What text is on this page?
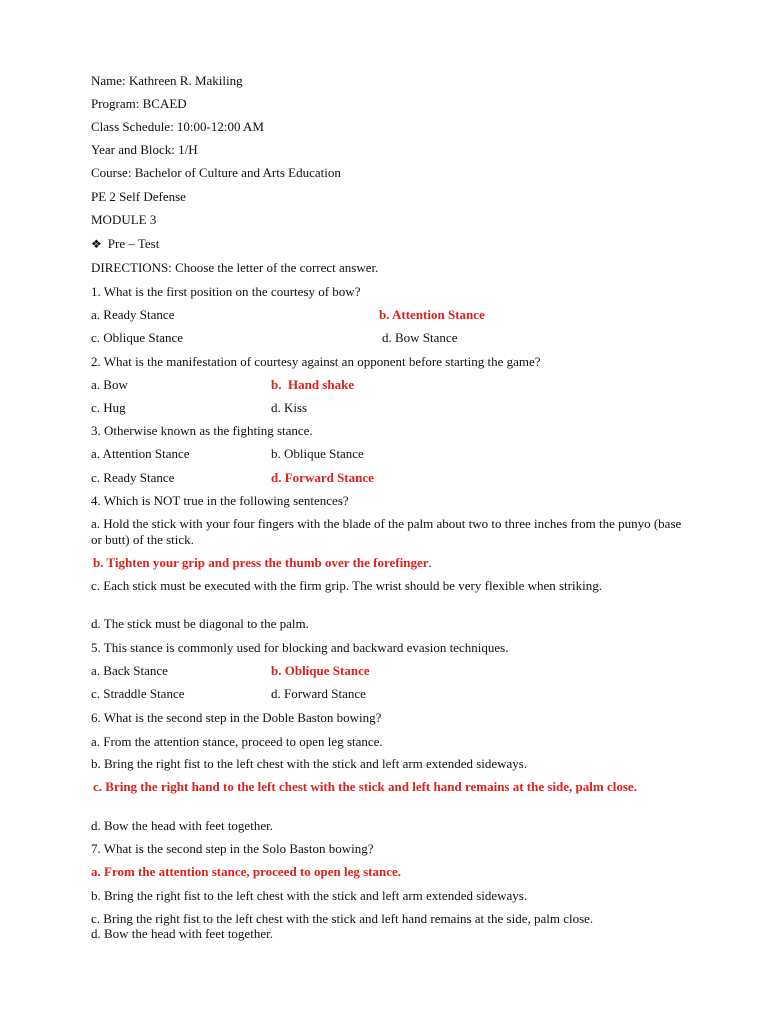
Name: Kathreen R. Makiling
Program: BCAED
Class Schedule: 10:00-12:00 AM
Year and Block: 1/H
Course: Bachelor of Culture and Arts Education
PE 2 Self Defense
MODULE 3
❖ Pre – Test
DIRECTIONS: Choose the letter of the correct answer.
1. What is the first position on the courtesy of bow?
a. Ready Stance	b. Attention Stance
c. Oblique Stance	d. Bow Stance
2. What is the manifestation of courtesy against an opponent before starting the game?
a. Bow	b.  Hand shake
c. Hug	d. Kiss
3. Otherwise known as the fighting stance.
a. Attention Stance	b. Oblique Stance
c. Ready Stance	d. Forward Stance
4. Which is NOT true in the following sentences?
a. Hold the stick with your four fingers with the blade of the palm about two to three inches from the punyo (base or butt) of the stick.
b. Tighten your grip and press the thumb over the forefinger.
c. Each stick must be executed with the firm grip. The wrist should be very flexible when striking.
d. The stick must be diagonal to the palm.
5. This stance is commonly used for blocking and backward evasion techniques.
a. Back Stance	b. Oblique Stance
c. Straddle Stance	d. Forward Stance
6. What is the second step in the Doble Baston bowing?
a. From the attention stance, proceed to open leg stance.
b. Bring the right fist to the left chest with the stick and left arm extended sideways.
c. Bring the right hand to the left chest with the stick and left hand remains at the side, palm close.
d. Bow the head with feet together.
7. What is the second step in the Solo Baston bowing?
a. From the attention stance, proceed to open leg stance.
b. Bring the right fist to the left chest with the stick and left arm extended sideways.
c. Bring the right fist to the left chest with the stick and left hand remains at the side, palm close.
d. Bow the head with feet together.
